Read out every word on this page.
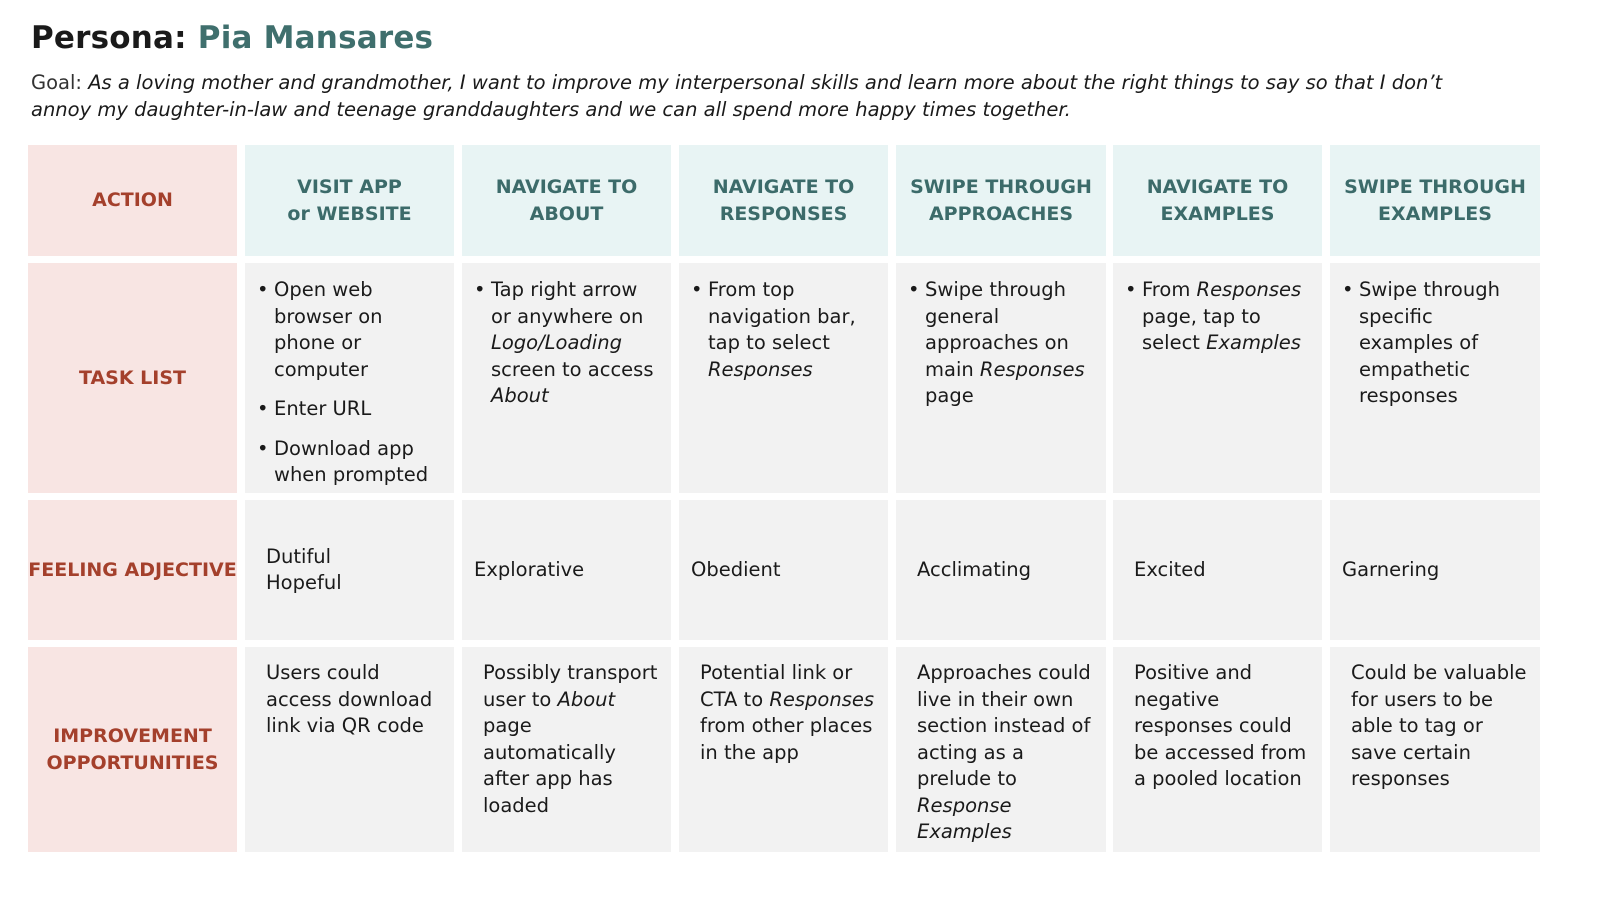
Persona: Pia Mansares
Goal: As a loving mother and grandmother, I want to improve my interpersonal skills and learn more about the right things to say so that I don’t annoy my daughter-in-law and teenage granddaughters and we can all spend more happy times together.
ACTION
TASK LIST
FEELING ADJECTIVE
IMPROVEMENT
OPPORTUNITIES
VISIT APP
or WEBSITE
• Open web browser on phone or computer
• Enter URL
• Download app when prompted
Dutiful
Hopeful
Users could access download link via QR code
NAVIGATE TO
ABOUT
• Tap right arrow or anywhere on Logo/Loading screen to access About
Explorative
Possibly transport user to About page automatically after app has loaded
NAVIGATE TO
RESPONSES
• From top navigation bar, tap to select Responses
Obedient
Potential link or CTA to Responses from other places in the app
SWIPE THROUGH
APPROACHES
• Swipe through general approaches on main Responses page
Acclimating
Approaches could live in their own section instead of acting as a prelude to Response Examples
NAVIGATE TO
EXAMPLES
• From Responses page, tap to select Examples
Excited
Positive and negative responses could be accessed from a pooled location
SWIPE THROUGH
EXAMPLES
• Swipe through specific examples of empathetic responses
Garnering
Could be valuable for users to be able to tag or save certain responses
